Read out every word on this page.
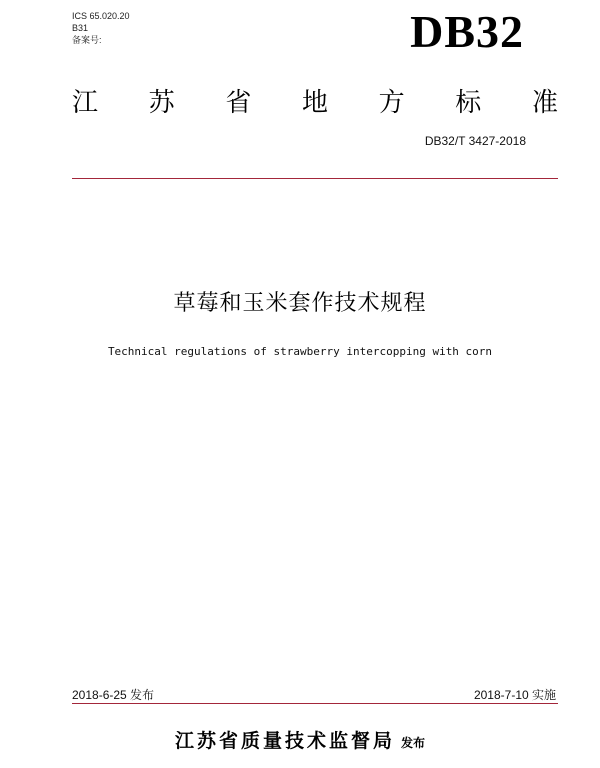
ICS 65.020.20
B31
备案号:	DB32
江 苏 省 地 方 标 准
DB32/T 3427-2018
草莓和玉米套作技术规程
Technical regulations of strawberry intercopping with corn
2018-6-25 发布	2018-7-10 实施
江苏省质量技术监督局 发布
